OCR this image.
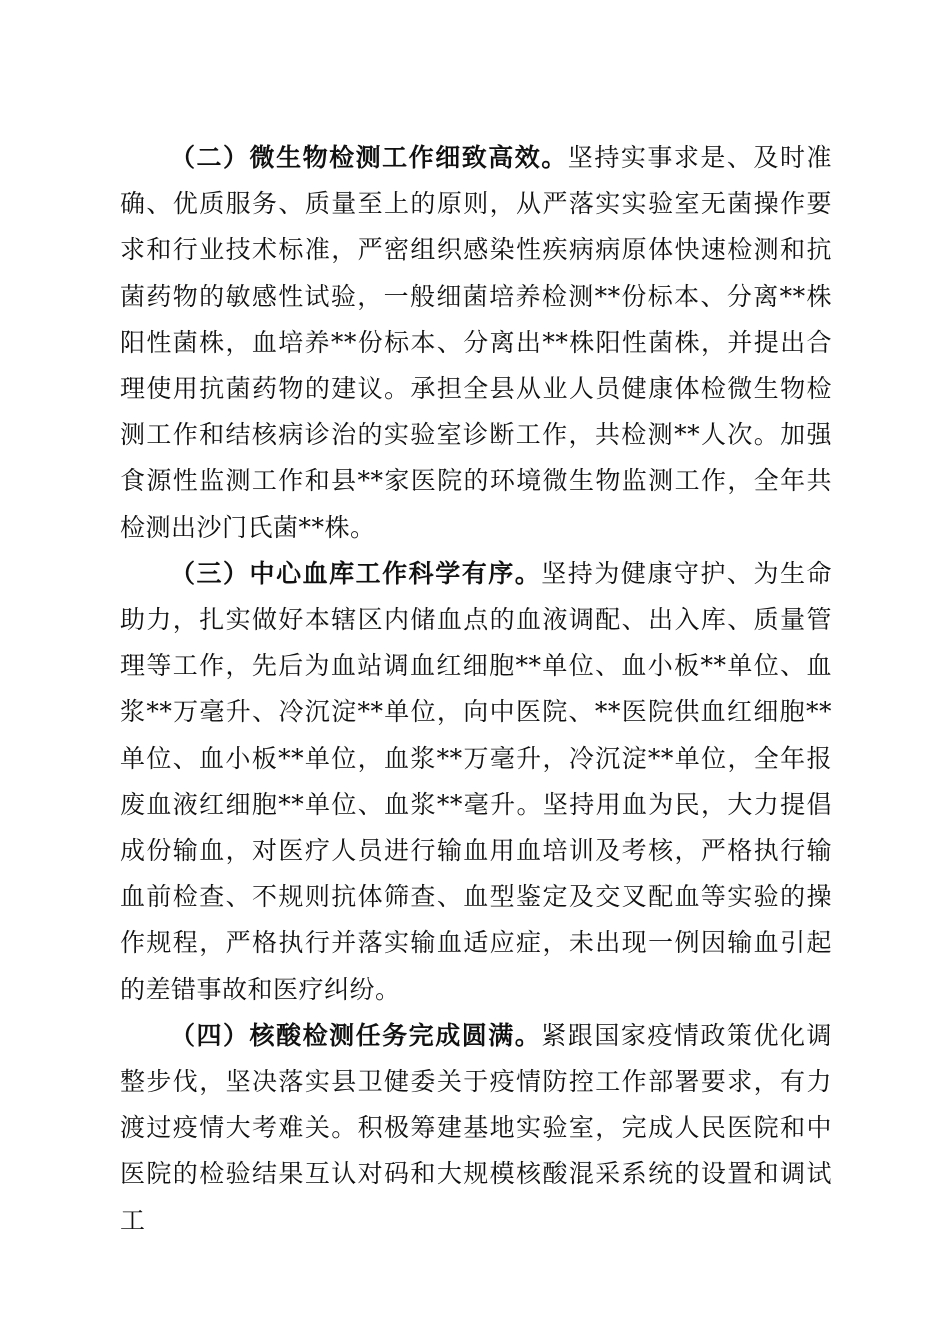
（二）微生物检测工作细致高效。坚持实事求是、及时准确、优质服务、质量至上的原则，从严落实实验室无菌操作要求和行业技术标准，严密组织感染性疾病病原体快速检测和抗菌药物的敏感性试验，一般细菌培养检测**份标本、分离**株阳性菌株，血培养**份标本、分离出**株阳性菌株，并提出合理使用抗菌药物的建议。承担全县从业人员健康体检微生物检测工作和结核病诊治的实验室诊断工作，共检测**人次。加强食源性监测工作和县**家医院的环境微生物监测工作，全年共检测出沙门氏菌**株。

（三）中心血库工作科学有序。坚持为健康守护、为生命助力，扎实做好本辖区内储血点的血液调配、出入库、质量管理等工作，先后为血站调血红细胞**单位、血小板**单位、血浆**万毫升、冷沉淀**单位，向中医院、**医院供血红细胞**单位、血小板**单位，血浆**万毫升，冷沉淀**单位，全年报废血液红细胞**单位、血浆**毫升。坚持用血为民，大力提倡成份输血，对医疗人员进行输血用血培训及考核，严格执行输血前检查、不规则抗体筛查、血型鉴定及交叉配血等实验的操作规程，严格执行并落实输血适应症，未出现一例因输血引起的差错事故和医疗纠纷。

（四）核酸检测任务完成圆满。紧跟国家疫情政策优化调整步伐，坚决落实县卫健委关于疫情防控工作部署要求，有力渡过疫情大考难关。积极筹建基地实验室，完成人民医院和中医院的检验结果互认对码和大规模核酸混采系统的设置和调试工
